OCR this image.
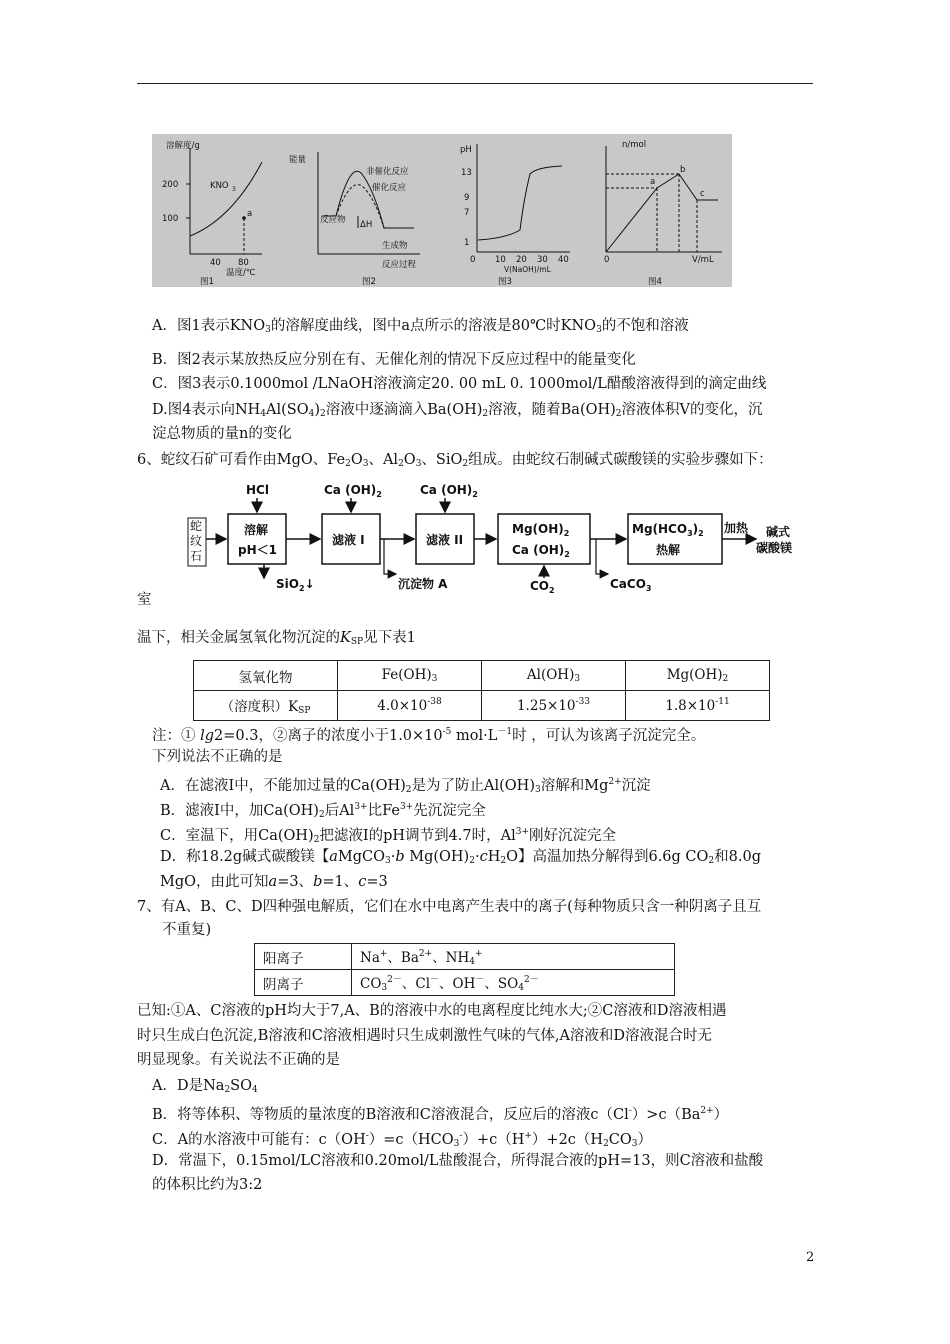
溶解度/g
200
100
KNO 3
a
40 80
温度/℃
图1
能量
非催化反应
催化反应
反应物 ΔH
生成物
反应过程
图2
pH
13
9
7
1
0 10 20 30 40
V(NaOH)/mL
图3
n/mol
a
b
c
0	V/mL
图4
A．图1表示$KNO_3$的溶解度曲线，图中a点所示的溶液是80℃时$KNO_3$的不饱和溶液
B．图2表示某放热反应分别在有、无催化剂的情况下反应过程中的能量变化
C．图3表示0.1000mol /LNaOH溶液滴定20. 00 mL 0. 1000mol/L醋酸溶液得到的滴定曲线
D.图4表示向$NH_4Al(SO_4)_2$溶液中逐滴滴入$Ba(OH)_2$溶液，随着$Ba(OH)_2$溶液体积V的变化，沉
淀总物质的量n的变化
6、蛇纹石矿可看作由MgO、$Fe_2O_3$、$Al_2O_3$、SiO$_2$组成。由蛇纹石制碱式碳酸镁的实验步骤如下：
蛇
纹
石
HCl	Ca $(OH)_2$	Ca $(OH)_2$
溶解
pH＜1
SiO$_2$↓
滤液 I
沉淀物 A
滤液 II
$Mg(OH)_2$
Ca $(OH)_2$
$CO_2$
$Mg(HCO_3)_2$
热解
CaCO$_3$
加热 碱式
碳酸镁
室
温下，相关金属氢氧化物沉淀的$K_{SP}$见下表1
氢氧化物	$Fe(OH)_3$	$Al(OH)_3$	$Mg(OH)_2$
（溶度积）$K_{SP}$	$4.0\times 10^{-38}$	$1.25\times 10^{-33}$	$1.8\times 10^{-11}$
注：① lg2=0.3，②离子的浓度小于$1.0\times 10^{-5}$ $mol\cdot L^{-1}$时 ，可认为该离子沉淀完全。
下列说法不正确的是
A．在滤液Ⅰ中，不能加过量的$Ca(OH)_2$是为了防止$Al(OH)_3$溶解和$Mg^{2+}$沉淀
B．滤液Ⅰ中，加$Ca(OH)_2$后$Al^{3+}$比$Fe^{3+}$先沉淀完全
C．室温下，用$Ca(OH)_2$把滤液Ⅰ的pH调节到4.7时，$Al^{3+}$刚好沉淀完全
D．称18.2g碱式碳酸镁【aMgCO$_3$·b $Mg(OH)_2\cdot cH_2O$】高温加热分解得到6.6g $CO_2$和8.0g
MgO，由此可知a=3、b=1、c=3
7、有A、B、C、D四种强电解质，它们在水中电离产生表中的离子(每种物质只含一种阴离子且互
不重复)
阳离子	Na+、$Ba^{2+}$、$NH_4^+$
阴离子	$CO_3^{2-}$、Cl－、OH－、$SO_4^{2-}$
已知:①A、C溶液的pH均大于7,A、B的溶液中水的电离程度比纯水大;②C溶液和D溶液相遇
时只生成白色沉淀,B溶液和C溶液相遇时只生成刺激性气味的气体,A溶液和D溶液混合时无
明显现象。有关说法不正确的是
A．D是$Na_2SO_4$
B．将等体积、等物质的量浓度的B溶液和C溶液混合，反应后的溶液$c(Cl^-)>c(Ba^{2+})$
C．A的水溶液中可能有：$c(OH^-)=c(HCO_3^-)+c(H^+)+2c(H_2CO_3)$
D．常温下，0.15mol/LC溶液和0.20mol/L盐酸混合，所得混合液的pH=13，则C溶液和盐酸
的体积比约为3:2
2
